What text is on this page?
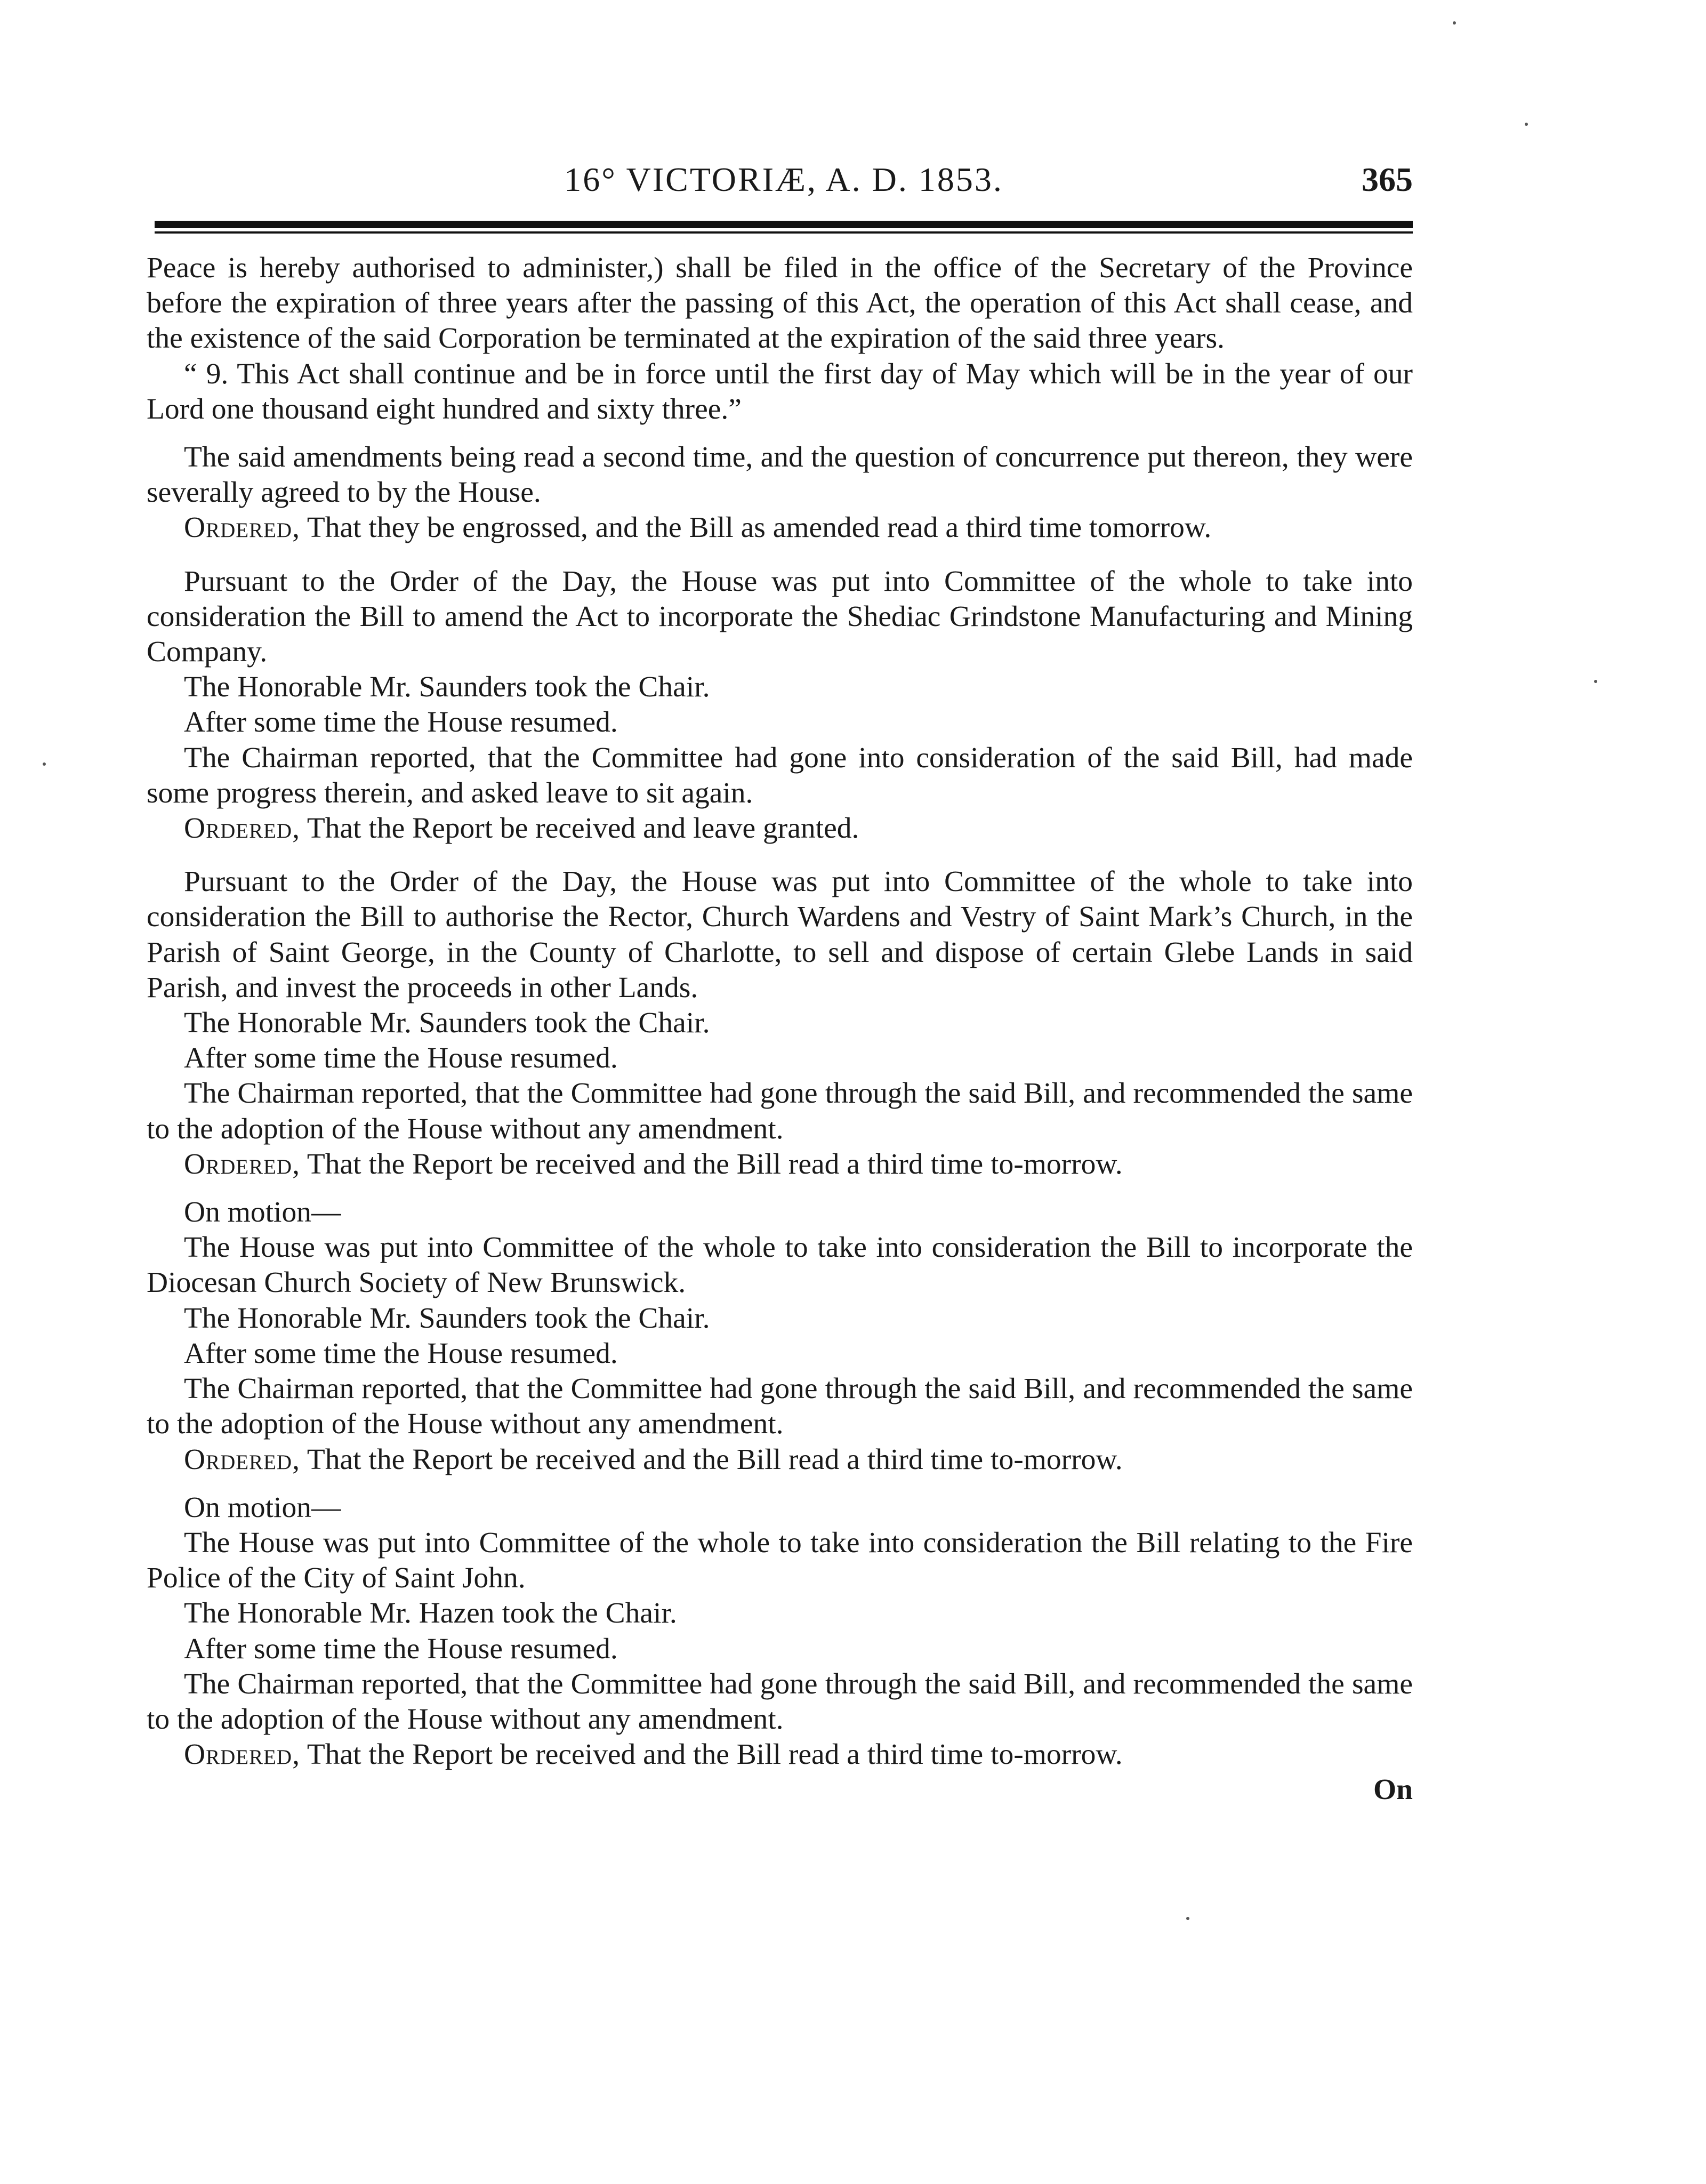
16° VICTORIÆ, A. D. 1853.	365

Peace is hereby authorised to administer,) shall be filed in the office of the Secretary of the Province before the expiration of three years after the passing of this Act, the operation of this Act shall cease, and the existence of the said Corporation be terminated at the expiration of the said three years.

“ 9. This Act shall continue and be in force until the first day of May which will be in the year of our Lord one thousand eight hundred and sixty three.”

The said amendments being read a second time, and the question of concurrence put thereon, they were severally agreed to by the House.

Ordered, That they be engrossed, and the Bill as amended read a third time tomorrow.

Pursuant to the Order of the Day, the House was put into Committee of the whole to take into consideration the Bill to amend the Act to incorporate the Shediac Grindstone Manufacturing and Mining Company.

The Honorable Mr. Saunders took the Chair.

After some time the House resumed.

The Chairman reported, that the Committee had gone into consideration of the said Bill, had made some progress therein, and asked leave to sit again.

Ordered, That the Report be received and leave granted.

Pursuant to the Order of the Day, the House was put into Committee of the whole to take into consideration the Bill to authorise the Rector, Church Wardens and Vestry of Saint Mark’s Church, in the Parish of Saint George, in the County of Charlotte, to sell and dispose of certain Glebe Lands in said Parish, and invest the proceeds in other Lands.

The Honorable Mr. Saunders took the Chair.

After some time the House resumed.

The Chairman reported, that the Committee had gone through the said Bill, and recommended the same to the adoption of the House without any amendment.

Ordered, That the Report be received and the Bill read a third time to-morrow.

On motion—

The House was put into Committee of the whole to take into consideration the Bill to incorporate the Diocesan Church Society of New Brunswick.

The Honorable Mr. Saunders took the Chair.

After some time the House resumed.

The Chairman reported, that the Committee had gone through the said Bill, and recommended the same to the adoption of the House without any amendment.

Ordered, That the Report be received and the Bill read a third time to-morrow.

On motion—

The House was put into Committee of the whole to take into consideration the Bill relating to the Fire Police of the City of Saint John.

The Honorable Mr. Hazen took the Chair.

After some time the House resumed.

The Chairman reported, that the Committee had gone through the said Bill, and recommended the same to the adoption of the House without any amendment.

Ordered, That the Report be received and the Bill read a third time to-morrow.

On
